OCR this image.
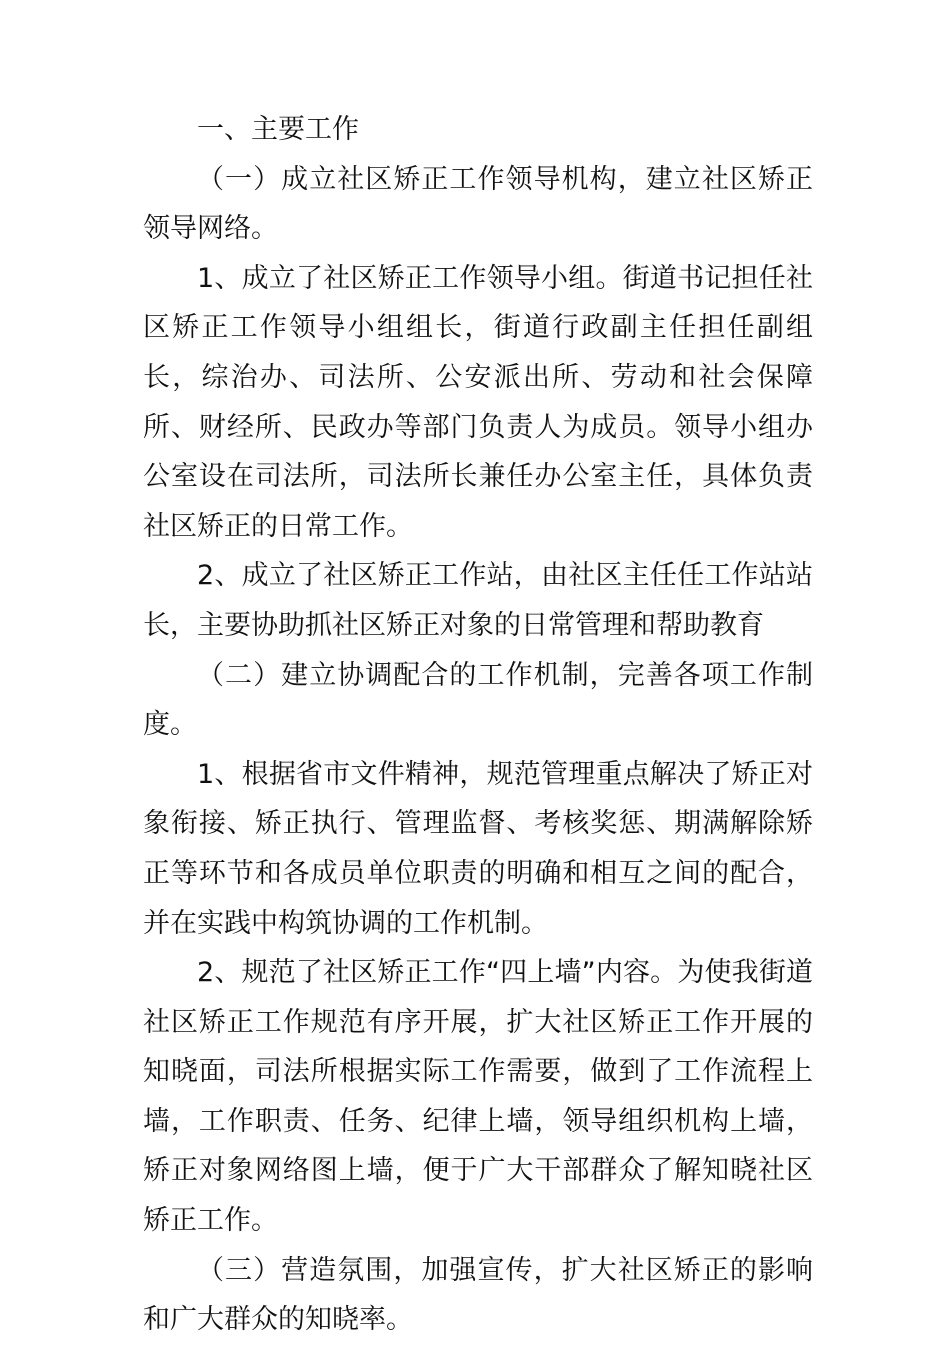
一、主要工作

（一）成立社区矫正工作领导机构，建立社区矫正领导网络。

1、成立了社区矫正工作领导小组。街道书记担任社区矫正工作领导小组组长，街道行政副主任担任副组长，综治办、司法所、公安派出所、劳动和社会保障所、财经所、民政办等部门负责人为成员。领导小组办公室设在司法所，司法所长兼任办公室主任，具体负责社区矫正的日常工作。

2、成立了社区矫正工作站，由社区主任任工作站站长，主要协助抓社区矫正对象的日常管理和帮助教育

（二）建立协调配合的工作机制，完善各项工作制度。

1、根据省市文件精神，规范管理重点解决了矫正对象衔接、矫正执行、管理监督、考核奖惩、期满解除矫正等环节和各成员单位职责的明确和相互之间的配合，并在实践中构筑协调的工作机制。

2、规范了社区矫正工作“四上墙”内容。为使我街道社区矫正工作规范有序开展，扩大社区矫正工作开展的知晓面，司法所根据实际工作需要，做到了工作流程上墙，工作职责、任务、纪律上墙，领导组织机构上墙，矫正对象网络图上墙，便于广大干部群众了解知晓社区矫正工作。

（三）营造氛围，加强宣传，扩大社区矫正的影响和广大群众的知晓率。
